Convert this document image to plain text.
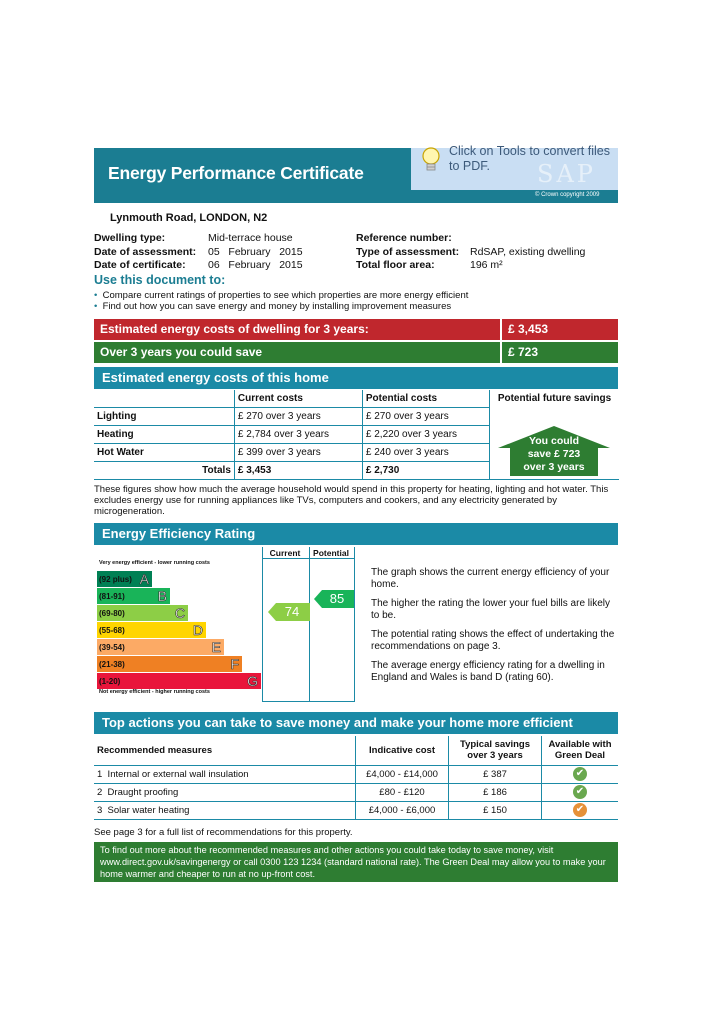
Energy Performance Certificate
Click on Tools to convert files to PDF.	SAP
© Crown copyright 2009
Lynmouth Road, LONDON, N2
Dwelling type:	Mid-terrace house
Date of assessment: 05   February   2015
Date of certificate: 06   February   2015
Reference number:
Type of assessment: RdSAP, existing dwelling
Total floor area:	196 m²
Use this document to:
• Compare current ratings of properties to see which properties are more energy efficient
• Find out how you can save energy and money by installing improvement measures
Estimated energy costs of dwelling for 3 years:	£ 3,453
Over 3 years you could save	£ 723
Estimated energy costs of this home
	Current costs	Potential costs
Lighting	£ 270 over 3 years	£ 270 over 3 years
Heating	£ 2,784 over 3 years	£ 2,220 over 3 years
Hot Water	£ 399 over 3 years	£ 240 over 3 years
Totals	£ 3,453	£ 2,730
Potential future savings
You could
save £ 723
over 3 years
These figures show how much the average household would spend in this property for heating, lighting and hot water. This excludes energy use for running appliances like TVs, computers and cookers, and any electricity generated by microgeneration.
Energy Efficiency Rating
Current	Potential
Very energy efficient - lower running costs
Not energy efficient - higher running costs
(92 plus) A
(81-91) B
(69-80)	C
(55-68)	D
(39-54)	E
(21-38)	F
(1-20)	G
74
85

The graph shows the current energy efficiency of your home.

The higher the rating the lower your fuel bills are likely to be.

The potential rating shows the effect of undertaking the recommendations on page 3.

The average energy efficiency rating for a dwelling in England and Wales is band D (rating 60).

Top actions you can take to save money and make your home more efficient
Recommended measures	Indicative cost	Typical savings over 3 years	Available with Green Deal
1  Internal or external wall insulation	£4,000 - £14,000	£ 387	✔
2  Draught proofing	£80 - £120	£ 186	✔
3  Solar water heating	£4,000 - £6,000	£ 150	✔
See page 3 for a full list of recommendations for this property.
To find out more about the recommended measures and other actions you could take today to save money, visit www.direct.gov.uk/savingenergy or call 0300 123 1234 (standard national rate). The Green Deal may allow you to make your home warmer and cheaper to run at no up-front cost.
